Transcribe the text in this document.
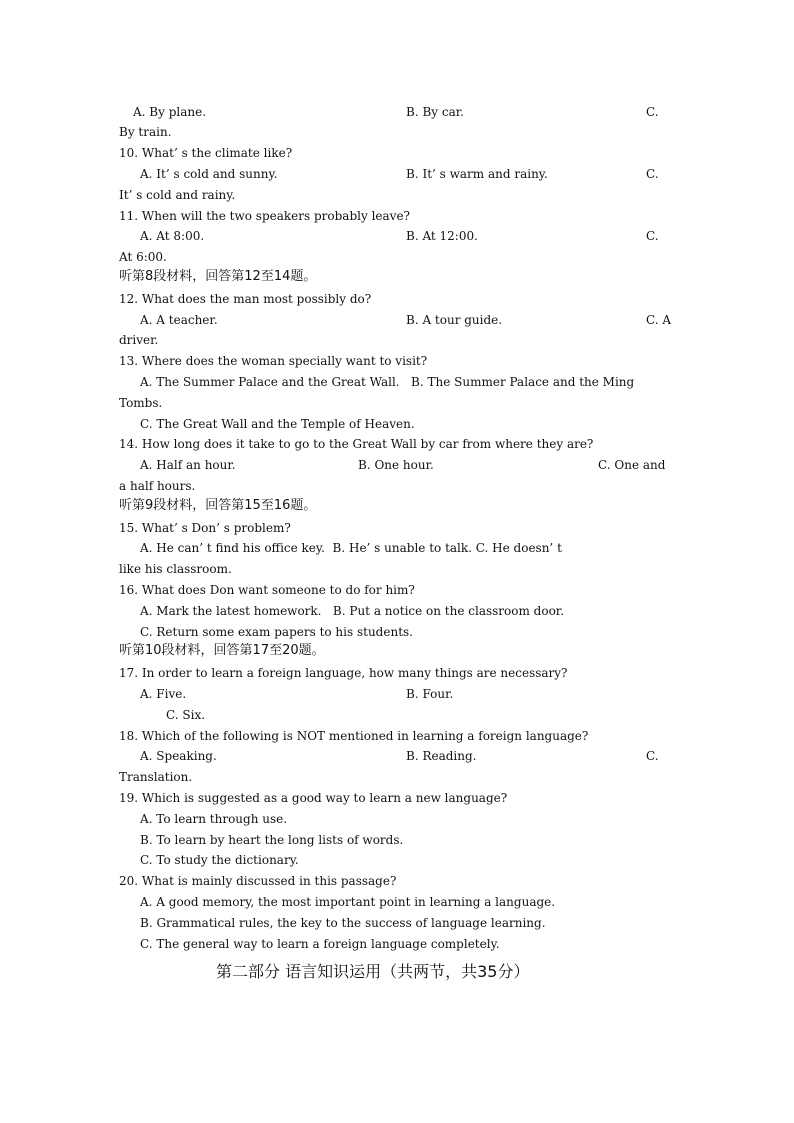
A. By plane.	B. By car.	C.
By train.
10. What’ s the climate like?
A. It’ s cold and sunny.	B. It’ s warm and rainy.	C.
It’ s cold and rainy.
11. When will the two speakers probably leave?
A. At 8:00.	B. At 12:00.	C.
At 6:00.
听第8段材料，回答第12至14题。
12. What does the man most possibly do?
A. A teacher.	B. A tour guide.	C. A
driver.
13. Where does the woman specially want to visit?
A. The Summer Palace and the Great Wall.   B. The Summer Palace and the Ming
Tombs.
C. The Great Wall and the Temple of Heaven.
14. How long does it take to go to the Great Wall by car from where they are?
A. Half an hour.	B. One hour.	C. One and
a half hours.
听第9段材料，回答第15至16题。
15. What’ s Don’ s problem?
A. He can’ t find his office key.  B. He’ s unable to talk. C. He doesn’ t
like his classroom.
16. What does Don want someone to do for him?
A. Mark the latest homework.   B. Put a notice on the classroom door.
C. Return some exam papers to his students.
听第10段材料，回答第17至20题。
17. In order to learn a foreign language, how many things are necessary?
A. Five.	B. Four.
C. Six.
18. Which of the following is NOT mentioned in learning a foreign language?
A. Speaking.	B. Reading.	C.
Translation.
19. Which is suggested as a good way to learn a new language?
A. To learn through use.
B. To learn by heart the long lists of words.
C. To study the dictionary.
20. What is mainly discussed in this passage?
A. A good memory, the most important point in learning a language.
B. Grammatical rules, the key to the success of language learning.
C. The general way to learn a foreign language completely.
第二部分 语言知识运用（共两节，共35分）
